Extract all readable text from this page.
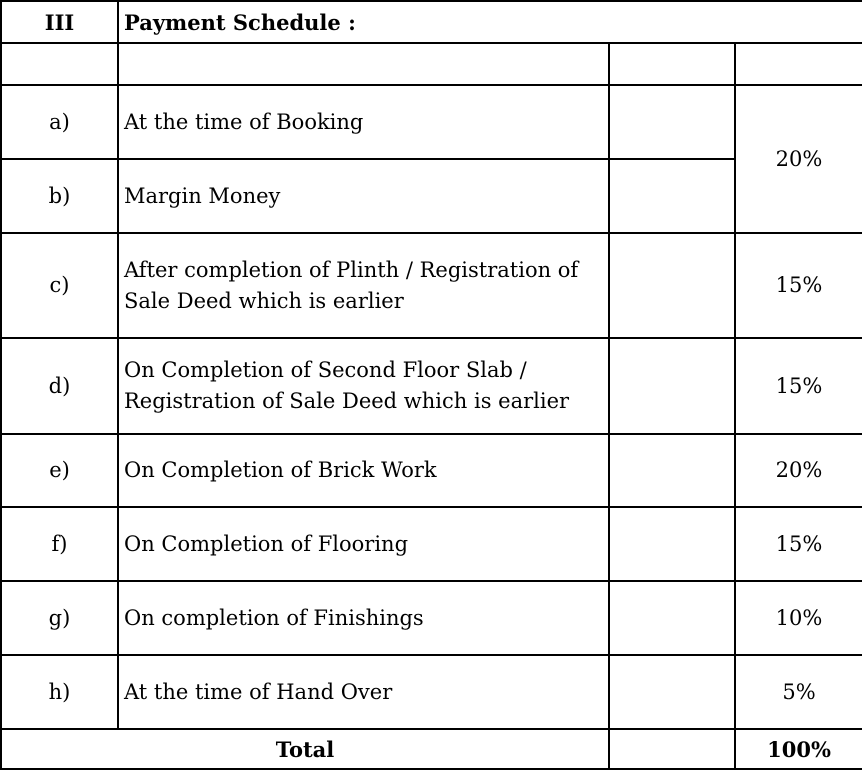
III	Payment Schedule :		

a)	At the time of Booking		20%
b)	Margin Money		
c)	After completion of Plinth / Registration of Sale Deed which is earlier		15%
d)	On Completion of Second Floor Slab / Registration of Sale Deed which is earlier		15%
e)	On Completion of Brick Work		20%
f)	On Completion of Flooring		15%
g)	On completion of Finishings		10%
h)	At the time of Hand Over		5%
Total			100%
